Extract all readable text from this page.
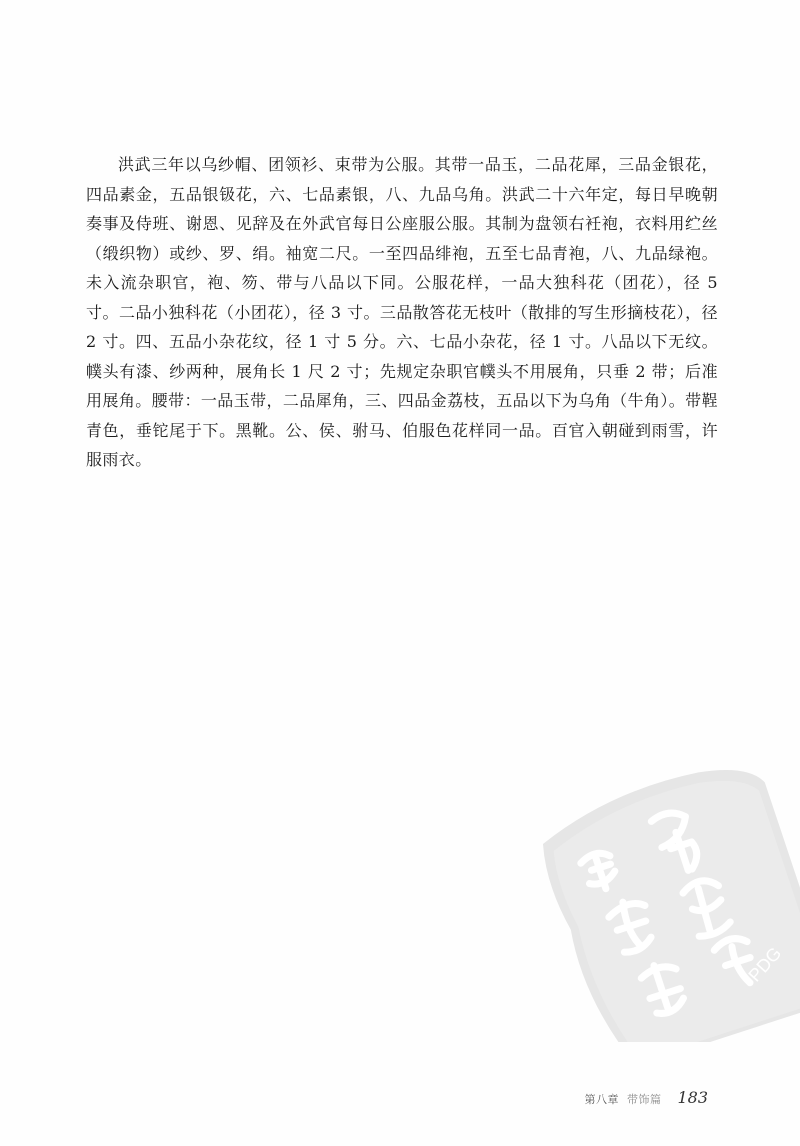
洪武三年以乌纱帽、团领衫、束带为公服。其带一品玉，二品花犀，三品金银花，四品素金，五品银钑花，六、七品素银，八、九品乌角。洪武二十六年定，每日早晚朝奏事及侍班、谢恩、见辞及在外武官每日公座服公服。其制为盘领右衽袍，衣料用纻丝（缎织物）或纱、罗、绢。袖宽二尺。一至四品绯袍，五至七品青袍，八、九品绿袍。未入流杂职官，袍、笏、带与八品以下同。公服花样，一品大独科花（团花），径 5 寸。二品小独科花（小团花），径 3 寸。三品散答花无枝叶（散排的写生形摘枝花），径 2 寸。四、五品小杂花纹，径 1 寸 5 分。六、七品小杂花，径 1 寸。八品以下无纹。幞头有漆、纱两种，展角长 1 尺 2 寸；先规定杂职官幞头不用展角，只垂 2 带；后准用展角。腰带：一品玉带，二品犀角，三、四品金荔枝，五品以下为乌角（牛角）。带鞓青色，垂铊尾于下。黑靴。公、侯、驸马、伯服色花样同一品。百官入朝碰到雨雪，许服雨衣。

PDG
第八章 带饰篇 183
